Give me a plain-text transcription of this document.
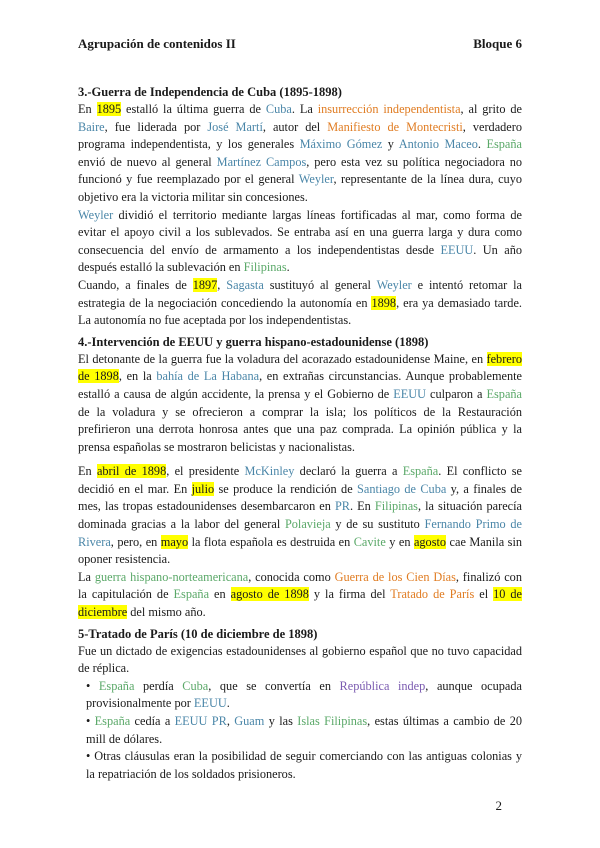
Agrupación de contenidos II	Bloque 6

3.-Guerra de Independencia de Cuba (1895-1898)

En 1895 estalló la última guerra de Cuba. La insurrección independentista, al grito de Baire, fue liderada por José Martí, autor del Manifiesto de Montecristi, verdadero programa independentista, y los generales Máximo Gómez y Antonio Maceo. España envió de nuevo al general Martínez Campos, pero esta vez su política negociadora no funcionó y fue reemplazado por el general Weyler, representante de la línea dura, cuyo objetivo era la victoria militar sin concesiones.

Weyler dividió el territorio mediante largas líneas fortificadas al mar, como forma de evitar el apoyo civil a los sublevados. Se entraba así en una guerra larga y dura como consecuencia del envío de armamento a los independentistas desde EEUU. Un año después estalló la sublevación en Filipinas.

Cuando, a finales de 1897, Sagasta sustituyó al general Weyler e intentó retomar la estrategia de la negociación concediendo la autonomía en 1898, era ya demasiado tarde. La autonomía no fue aceptada por los independentistas.

4.-Intervención de EEUU y guerra hispano-estadounidense (1898)

El detonante de la guerra fue la voladura del acorazado estadounidense Maine, en febrero de 1898, en la bahía de La Habana, en extrañas circunstancias. Aunque probablemente estalló a causa de algún accidente, la prensa y el Gobierno de EEUU culparon a España de la voladura y se ofrecieron a comprar la isla; los políticos de la Restauración prefirieron una derrota honrosa antes que una paz comprada. La opinión pública y la prensa españolas se mostraron belicistas y nacionalistas.

En abril de 1898, el presidente McKinley declaró la guerra a España. El conflicto se decidió en el mar. En julio se produce la rendición de Santiago de Cuba y, a finales de mes, las tropas estadounidenses desembarcaron en PR. En Filipinas, la situación parecía dominada gracias a la labor del general Polavieja y de su sustituto Fernando Primo de Rivera, pero, en mayo la flota española es destruida en Cavite y en agosto cae Manila sin oponer resistencia.

La guerra hispano-norteamericana, conocida como Guerra de los Cien Días, finalizó con la capitulación de España en agosto de 1898 y la firma del Tratado de París el 10 de diciembre del mismo año.

5-Tratado de París (10 de diciembre de 1898)

Fue un dictado de exigencias estadounidenses al gobierno español que no tuvo capacidad de réplica.

• España perdía Cuba, que se convertía en República indep, aunque ocupada provisionalmente por EEUU.

• España cedía a EEUU PR, Guam y las Islas Filipinas, estas últimas a cambio de 20 mill de dólares.

• Otras cláusulas eran la posibilidad de seguir comerciando con las antiguas colonias y la repatriación de los soldados prisioneros.

2
